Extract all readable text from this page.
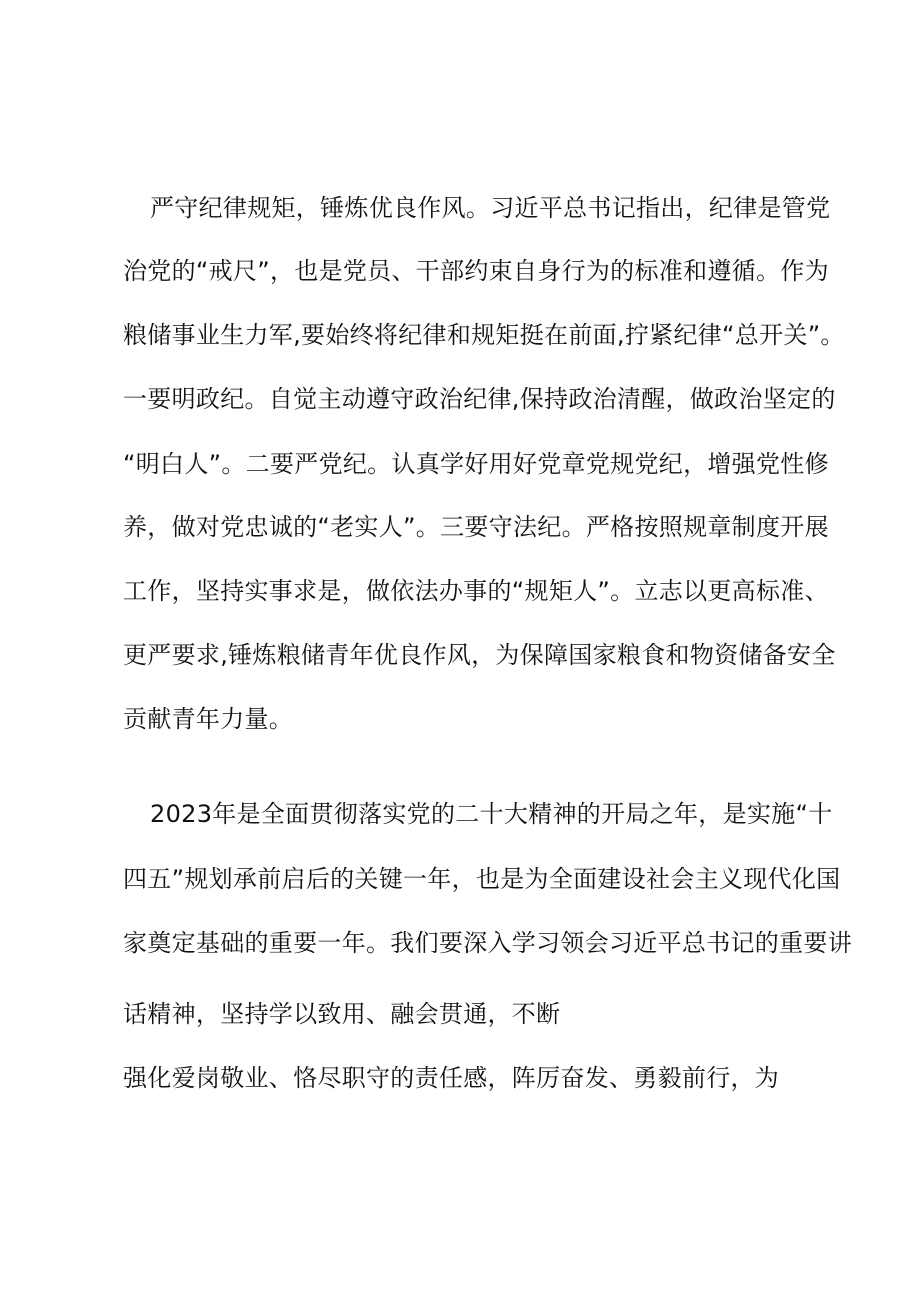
严守纪律规矩，锤炼优良作风。习近平总书记指出，纪律是管党
治党的“戒尺”，也是党员、干部约束自身行为的标准和遵循。作为
粮储事业生力军,要始终将纪律和规矩挺在前面,拧紧纪律“总开关”。
一要明政纪。自觉主动遵守政治纪律,保持政治清醒，做政治坚定的
“明白人”。二要严党纪。认真学好用好党章党规党纪，增强党性修
养，做对党忠诚的“老实人”。三要守法纪。严格按照规章制度开展
工作，坚持实事求是，做依法办事的“规矩人”。立志以更高标准、
更严要求,锤炼粮储青年优良作风，为保障国家粮食和物资储备安全
贡献青年力量。
2023年是全面贯彻落实党的二十大精神的开局之年，是实施“十
四五”规划承前启后的关键一年，也是为全面建设社会主义现代化国
家奠定基础的重要一年。我们要深入学习领会习近平总书记的重要讲
话精神，坚持学以致用、融会贯通，不断
强化爱岗敬业、恪尽职守的责任感，阵厉奋发、勇毅前行，为
